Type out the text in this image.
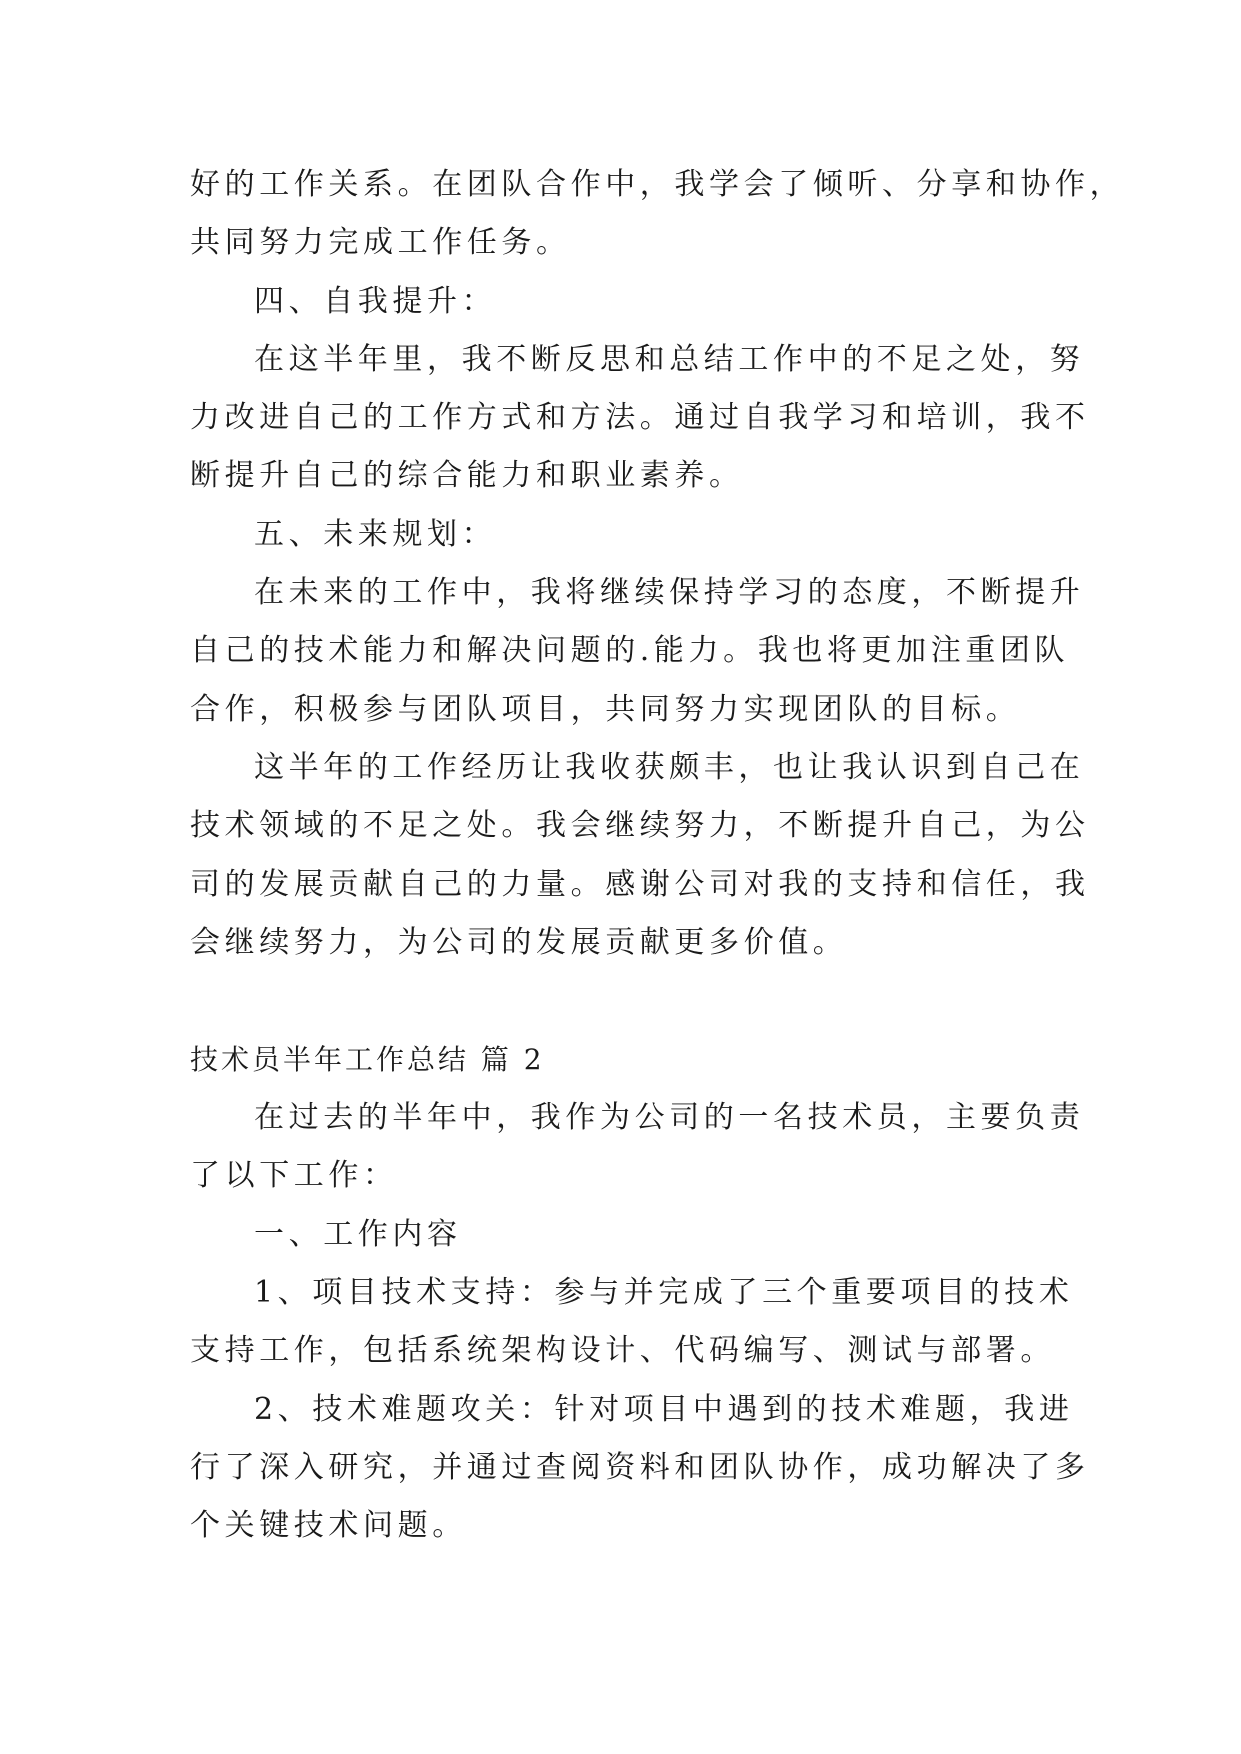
好的工作关系。在团队合作中，我学会了倾听、分享和协作，
共同努力完成工作任务。
四、自我提升：
在这半年里，我不断反思和总结工作中的不足之处，努
力改进自己的工作方式和方法。通过自我学习和培训，我不
断提升自己的综合能力和职业素养。
五、未来规划：
在未来的工作中，我将继续保持学习的态度，不断提升
自己的技术能力和解决问题的.能力。我也将更加注重团队
合作，积极参与团队项目，共同努力实现团队的目标。
这半年的工作经历让我收获颇丰，也让我认识到自己在
技术领域的不足之处。我会继续努力，不断提升自己，为公
司的发展贡献自己的力量。感谢公司对我的支持和信任，我
会继续努力，为公司的发展贡献更多价值。
技术员半年工作总结 篇 2
在过去的半年中，我作为公司的一名技术员，主要负责
了以下工作：
一、工作内容
1、项目技术支持：参与并完成了三个重要项目的技术
支持工作，包括系统架构设计、代码编写、测试与部署。
2、技术难题攻关：针对项目中遇到的技术难题，我进
行了深入研究，并通过查阅资料和团队协作，成功解决了多
个关键技术问题。
